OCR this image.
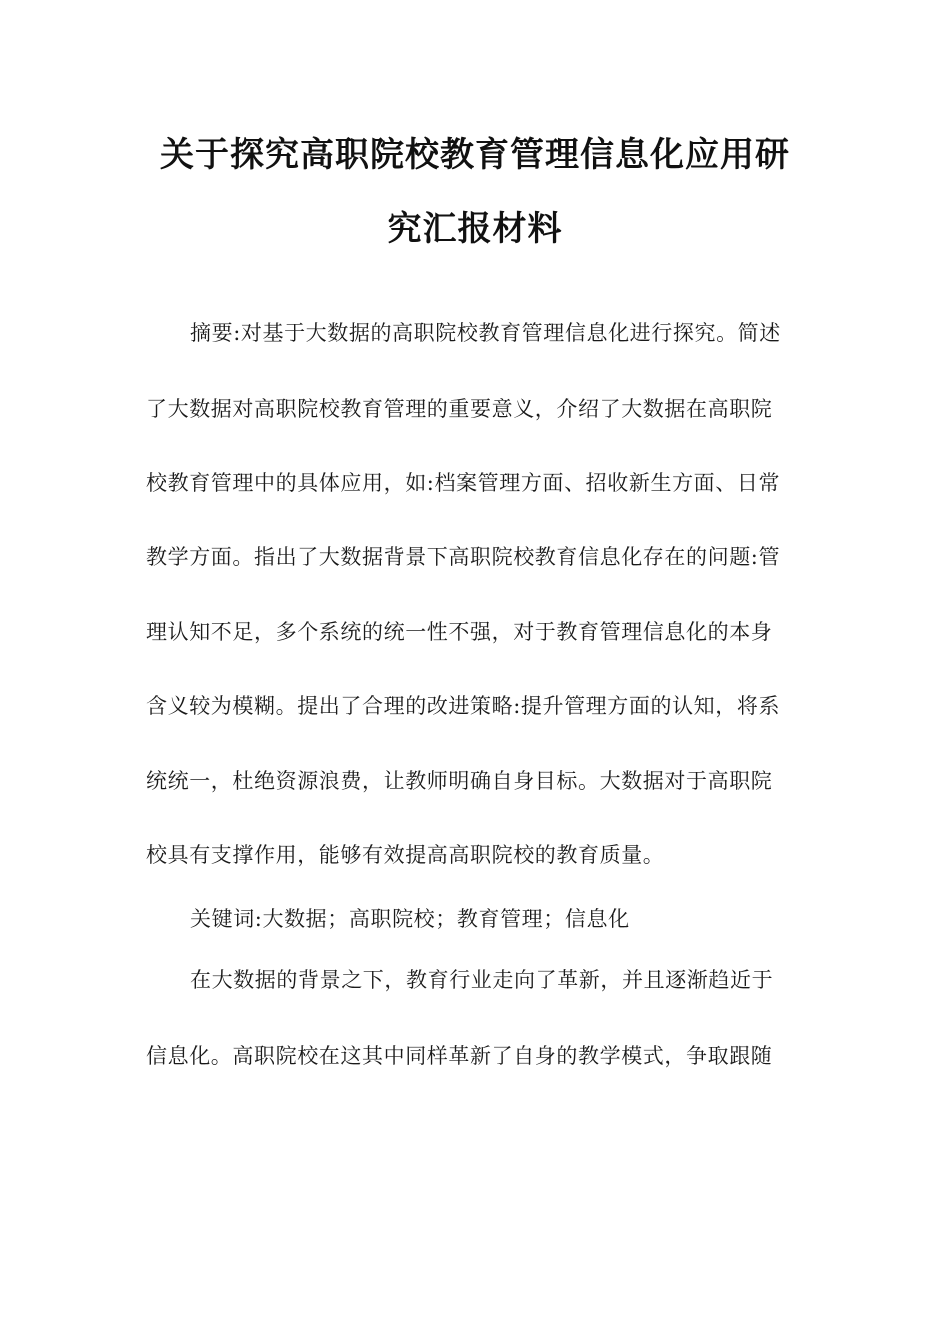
关于探究高职院校教育管理信息化应用研
究汇报材料
摘要:对基于大数据的高职院校教育管理信息化进行探究。简述
了大数据对高职院校教育管理的重要意义，介绍了大数据在高职院
校教育管理中的具体应用，如:档案管理方面、招收新生方面、日常
教学方面。指出了大数据背景下高职院校教育信息化存在的问题:管
理认知不足，多个系统的统一性不强，对于教育管理信息化的本身
含义较为模糊。提出了合理的改进策略:提升管理方面的认知，将系
统统一，杜绝资源浪费，让教师明确自身目标。大数据对于高职院
校具有支撑作用，能够有效提高高职院校的教育质量。
关键词:大数据；高职院校；教育管理；信息化
在大数据的背景之下，教育行业走向了革新，并且逐渐趋近于
信息化。高职院校在这其中同样革新了自身的教学模式，争取跟随
